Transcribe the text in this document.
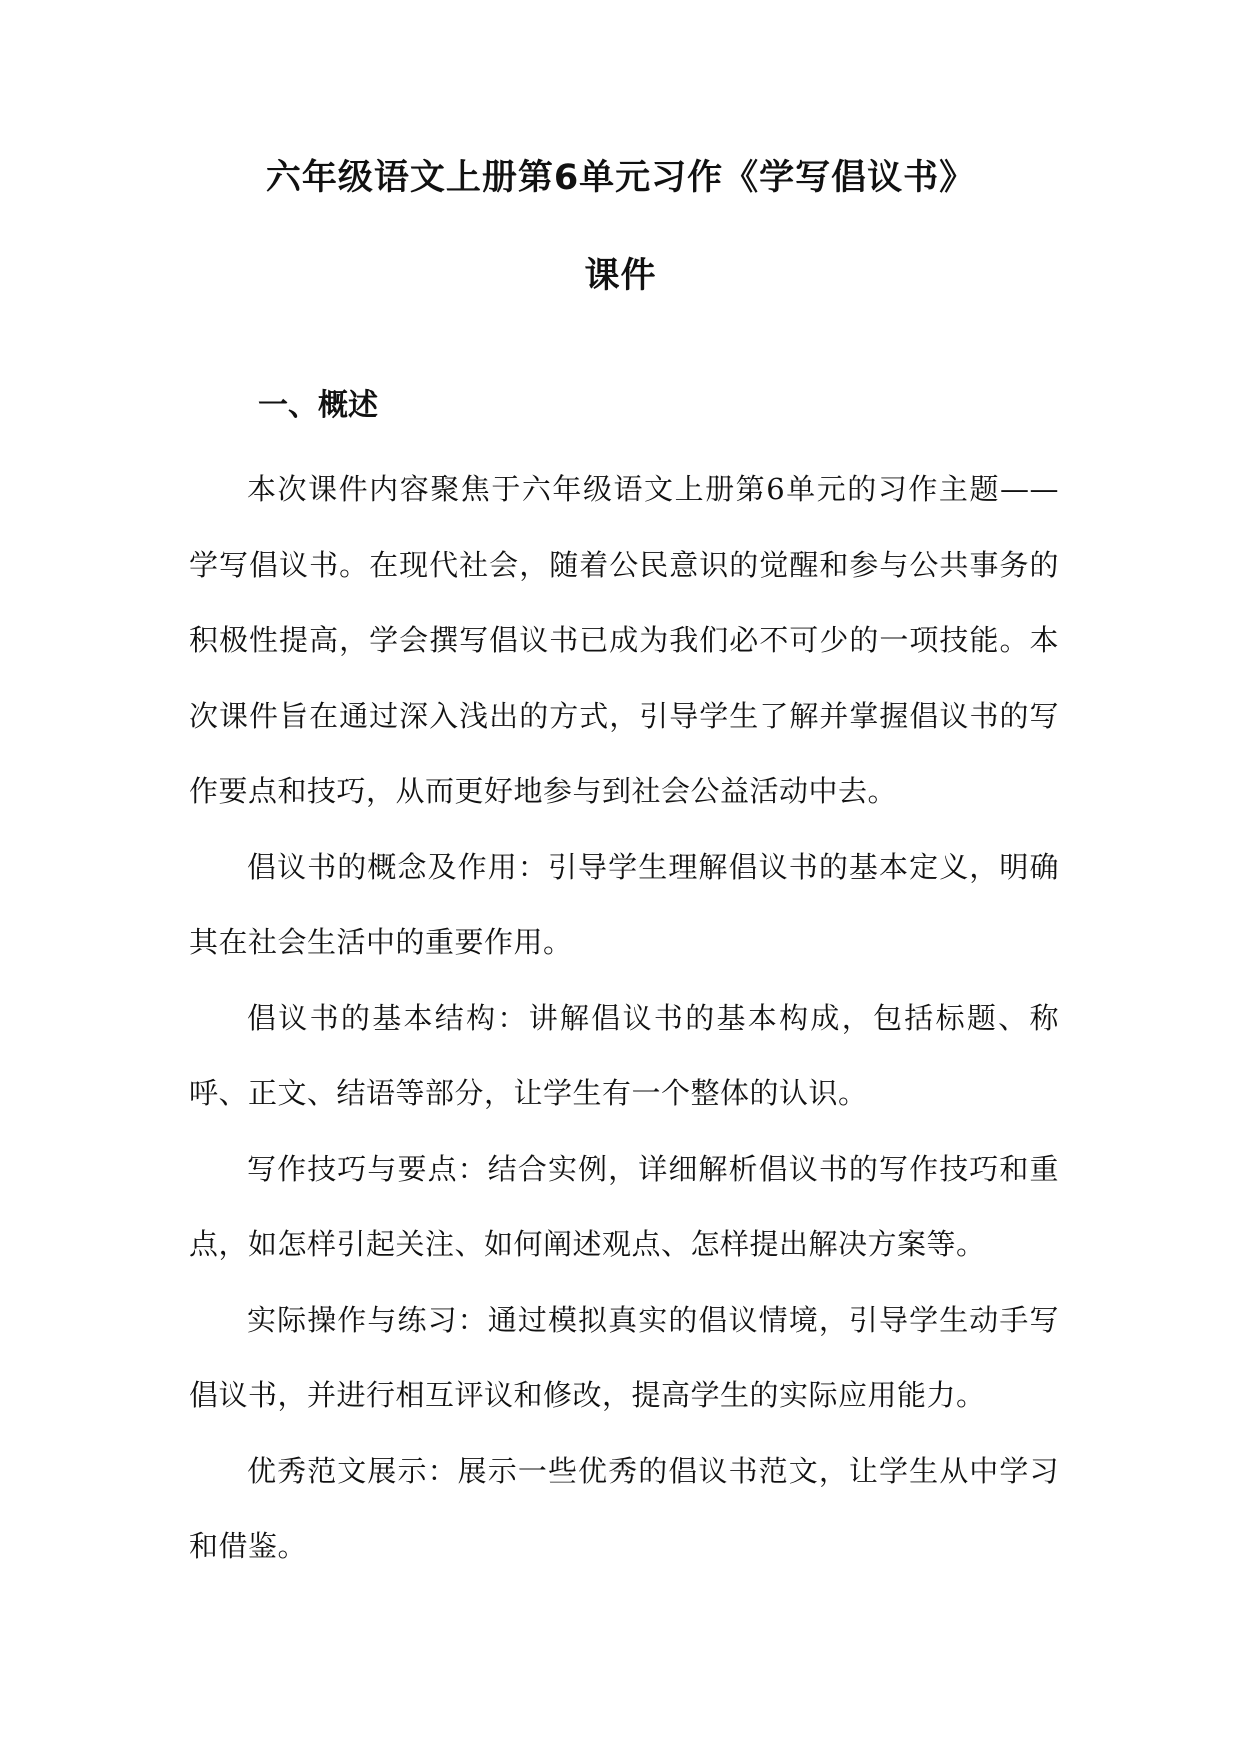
六年级语文上册第6单元习作《学写倡议书》
课件
一、概述

本次课件内容聚焦于六年级语文上册第6单元的习作主题——学写倡议书。在现代社会，随着公民意识的觉醒和参与公共事务的积极性提高，学会撰写倡议书已成为我们必不可少的一项技能。本次课件旨在通过深入浅出的方式，引导学生了解并掌握倡议书的写作要点和技巧，从而更好地参与到社会公益活动中去。

倡议书的概念及作用：引导学生理解倡议书的基本定义，明确其在社会生活中的重要作用。

倡议书的基本结构：讲解倡议书的基本构成，包括标题、称呼、正文、结语等部分，让学生有一个整体的认识。

写作技巧与要点：结合实例，详细解析倡议书的写作技巧和重点，如怎样引起关注、如何阐述观点、怎样提出解决方案等。

实际操作与练习：通过模拟真实的倡议情境，引导学生动手写倡议书，并进行相互评议和修改，提高学生的实际应用能力。

优秀范文展示：展示一些优秀的倡议书范文，让学生从中学习和借鉴。
